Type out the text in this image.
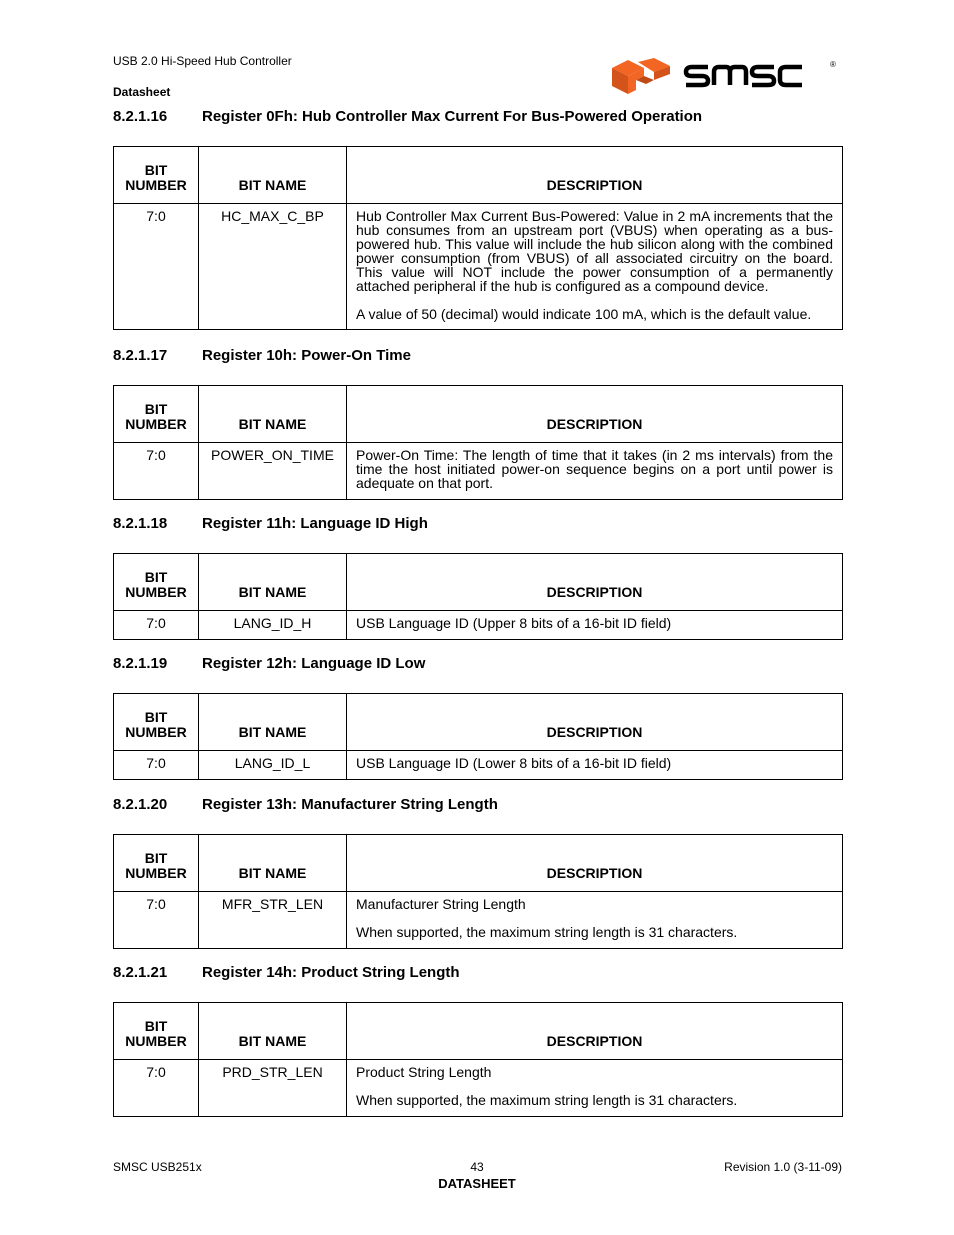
USB 2.0 Hi-Speed Hub Controller
Datasheet
®
8.2.1.16 Register 0Fh: Hub Controller Max Current For Bus-Powered Operation
BIT
NUMBER	BIT NAME	DESCRIPTION
7:0	HC_MAX_C_BP	Hub Controller Max Current Bus-Powered: Value in 2 mA increments that the hub consumes from an upstream port (VBUS) when operating as a bus-powered hub. This value will include the hub silicon along with the combined power consumption (from VBUS) of all associated circuitry on the board. This value will NOT include the power consumption of a permanently attached peripheral if the hub is configured as a compound device.
A value of 50 (decimal) would indicate 100 mA, which is the default value.
8.2.1.17 Register 10h: Power-On Time
BIT
NUMBER	BIT NAME	DESCRIPTION
7:0	POWER_ON_TIME	Power-On Time: The length of time that it takes (in 2 ms intervals) from the time the host initiated power-on sequence begins on a port until power is adequate on that port.
8.2.1.18 Register 11h: Language ID High
BIT
NUMBER	BIT NAME	DESCRIPTION
7:0	LANG_ID_H	USB Language ID (Upper 8 bits of a 16-bit ID field)
8.2.1.19 Register 12h: Language ID Low
BIT
NUMBER	BIT NAME	DESCRIPTION
7:0	LANG_ID_L	USB Language ID (Lower 8 bits of a 16-bit ID field)
8.2.1.20 Register 13h: Manufacturer String Length
BIT
NUMBER	BIT NAME	DESCRIPTION
7:0	MFR_STR_LEN	Manufacturer String Length
When supported, the maximum string length is 31 characters.
8.2.1.21 Register 14h: Product String Length
BIT
NUMBER	BIT NAME	DESCRIPTION
7:0	PRD_STR_LEN	Product String Length
When supported, the maximum string length is 31 characters.
SMSC USB251x	43
DATASHEET
Revision 1.0 (3-11-09)
